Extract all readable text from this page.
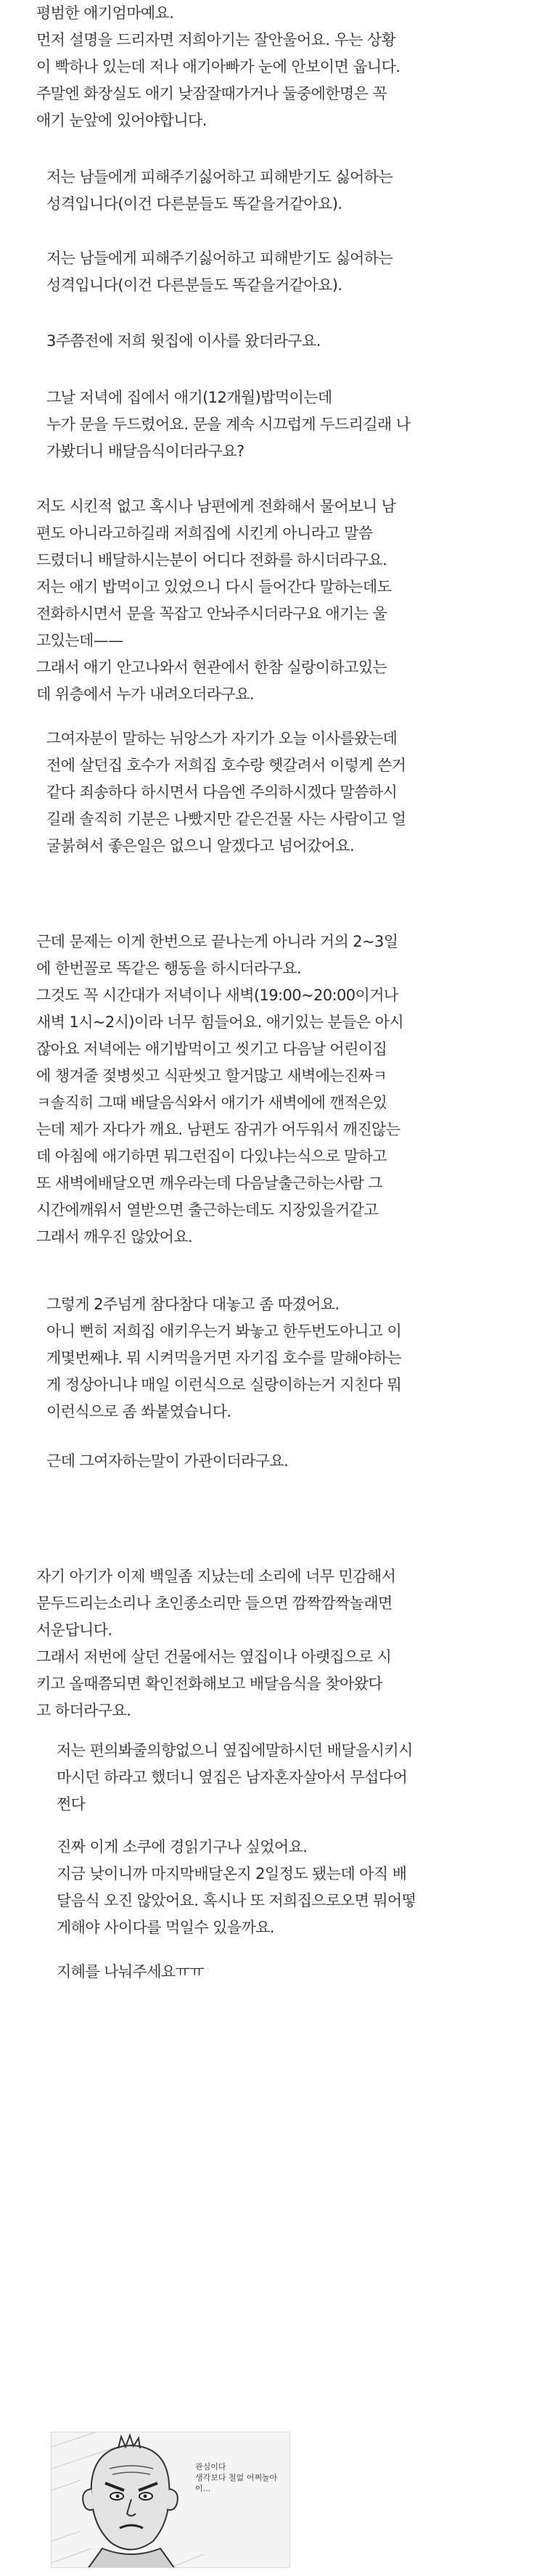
평범한 애기엄마예요.
먼저 설명을 드리자면 저희아기는 잘안울어요. 우는 상황
이 빡하나 있는데 저나 애기아빠가 눈에 안보이면 웁니다.
주말엔 화장실도 애기 낮잠잘때가거나 둘중에한명은 꼭
애기 눈앞에 있어야합니다.
저는 남들에게 피해주기싫어하고 피해받기도 싫어하는
성격입니다(이건 다른분들도 똑같을거같아요).
저는 남들에게 피해주기싫어하고 피해받기도 싫어하는
성격입니다(이건 다른분들도 똑같을거같아요).
3주쯤전에 저희 윗집에 이사를 왔더라구요.
그날 저녁에 집에서 애기(12개월)밥먹이는데
누가 문을 두드렸어요. 문을 계속 시끄럽게 두드리길래 나
가봤더니 배달음식이더라구요?
저도 시킨적 없고 혹시나 남편에게 전화해서 물어보니 남
편도 아니라고하길래 저희집에 시킨게 아니라고 말씀
드렸더니 배달하시는분이 어디다 전화를 하시더라구요.
저는 애기 밥먹이고 있었으니 다시 들어간다 말하는데도
전화하시면서 문을 꼭잡고 안놔주시더라구요 애기는 울
고있는데——
그래서 애기 안고나와서 현관에서 한참 실랑이하고있는
데 위층에서 누가 내려오더라구요.
그여자분이 말하는 뉘앙스가 자기가 오늘 이사를왔는데
전에 살던집 호수가 저희집 호수랑 헷갈려서 이렇게 쓴거
같다 죄송하다 하시면서 다음엔 주의하시겠다 말씀하시
길래 솔직히 기분은 나빴지만 같은건물 사는 사람이고 얼
굴붉혀서 좋은일은 없으니 알겠다고 넘어갔어요.
근데 문제는 이게 한번으로 끝나는게 아니라 거의 2~3일
에 한번꼴로 똑같은 행동을 하시더라구요.
그것도 꼭 시간대가 저녁이나 새벽(19:00~20:00이거나
새벽 1시~2시)이라 너무 힘들어요. 애기있는 분들은 아시
잖아요 저녁에는 애기밥먹이고 씻기고 다음날 어린이집
에 챙겨줄 젖병씻고 식판씻고 할거많고 새벽에는진짜ㅋ
ㅋ솔직히 그때 배달음식와서 애기가 새벽에에 깬적은있
는데 제가 자다가 깨요. 남편도 잠귀가 어두워서 깨진않는
데 아침에 애기하면 뭐그런집이 다있냐는식으로 말하고
또 새벽에배달오면 깨우라는데 다음날출근하는사람 그
시간에깨워서 열받으면 출근하는데도 지장있을거같고
그래서 깨우진 않았어요.
그렇게 2주넘게 참다참다 대놓고 좀 따졌어요.
아니 뻔히 저희집 애키우는거 봐놓고 한두번도아니고 이
게몇번째냐. 뭐 시켜먹을거면 자기집 호수를 말해야하는
게 정상아니냐 매일 이런식으로 실랑이하는거 지친다 뭐
이런식으로 좀 쏴붙였습니다.
근데 그여자하는말이 가관이더라구요.
자기 아기가 이제 백일좀 지났는데 소리에 너무 민감해서
문두드리는소리나 초인종소리만 들으면 깜짝깜짝놀래면
서운답니다.
그래서 저번에 살던 건물에서는 옆집이나 아랫집으로 시
키고 올때쯤되면 확인전화해보고 배달음식을 찾아왔다
고 하더라구요.
저는 편의봐줄의향없으니 옆집에말하시던 배달을시키시
마시던 하라고 했더니 옆집은 남자혼자살아서 무섭다어
쩐다
진짜 이게 소쿠에 경읽기구나 싶었어요.
지금 낮이니까 마지막배달온지 2일정도 됐는데 아직 배
달음식 오진 않았어요. 혹시나 또 저희집으로오면 뭐어떻
게해야 사이다를 먹일수 있을까요.
지혜를 나눠주세요ㅠㅠ
관심이다
생각보다 철없 어쩌놀아이...
